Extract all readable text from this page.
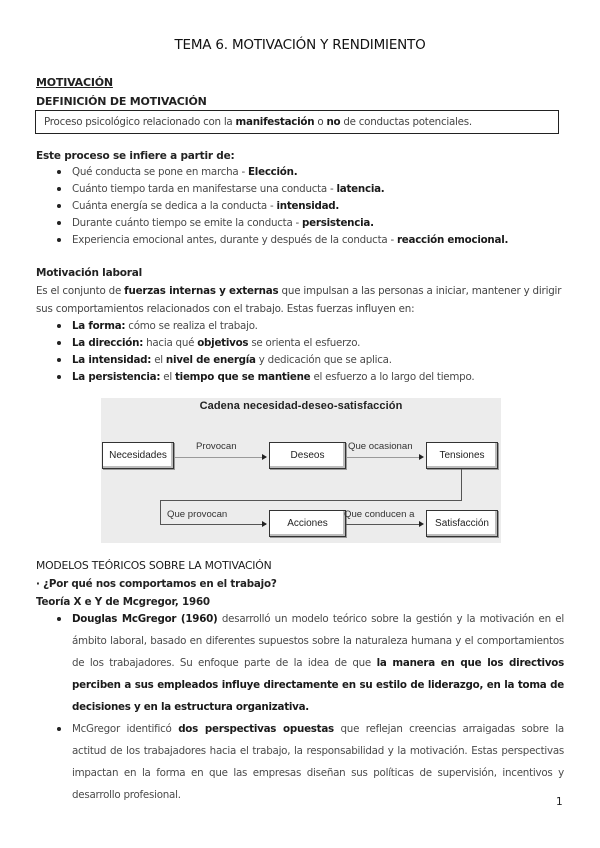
TEMA 6. MOTIVACIÓN Y RENDIMIENTO
MOTIVACIÓN
DEFINICIÓN DE MOTIVACIÓN
Proceso psicológico relacionado con la manifestación o no de conductas potenciales.
Este proceso se infiere a partir de:
Qué conducta se pone en marcha - Elección.
Cuánto tiempo tarda en manifestarse una conducta - latencia.
Cuánta energía se dedica a la conducta - intensidad.
Durante cuánto tiempo se emite la conducta - persistencia.
Experiencia emocional antes, durante y después de la conducta - reacción emocional.
Motivación laboral
Es el conjunto de fuerzas internas y externas que impulsan a las personas a iniciar, mantener y dirigir sus comportamientos relacionados con el trabajo. Estas fuerzas influyen en:
La forma: cómo se realiza el trabajo.
La dirección: hacia qué objetivos se orienta el esfuerzo.
La intensidad: el nivel de energía y dedicación que se aplica.
La persistencia: el tiempo que se mantiene el esfuerzo a lo largo del tiempo.
Cadena necesidad-deseo-satisfacción
Necesidades
Provocan
Deseos
Que ocasionan
Tensiones
Que provocan
Acciones
Que conducen a
Satisfacción
MODELOS TEÓRICOS SOBRE LA MOTIVACIÓN
· ¿Por qué nos comportamos en el trabajo?
Teoría X e Y de Mcgregor, 1960
Douglas McGregor (1960) desarrolló un modelo teórico sobre la gestión y la motivación en el ámbito laboral, basado en diferentes supuestos sobre la naturaleza humana y el comportamientos de los trabajadores. Su enfoque parte de la idea de que la manera en que los directivos perciben a sus empleados influye directamente en su estilo de liderazgo, en la toma de decisiones y en la estructura organizativa.
McGregor identificó dos perspectivas opuestas que reflejan creencias arraigadas sobre la actitud de los trabajadores hacia el trabajo, la responsabilidad y la motivación. Estas perspectivas impactan en la forma en que las empresas diseñan sus políticas de supervisión, incentivos y desarrollo profesional.
1
